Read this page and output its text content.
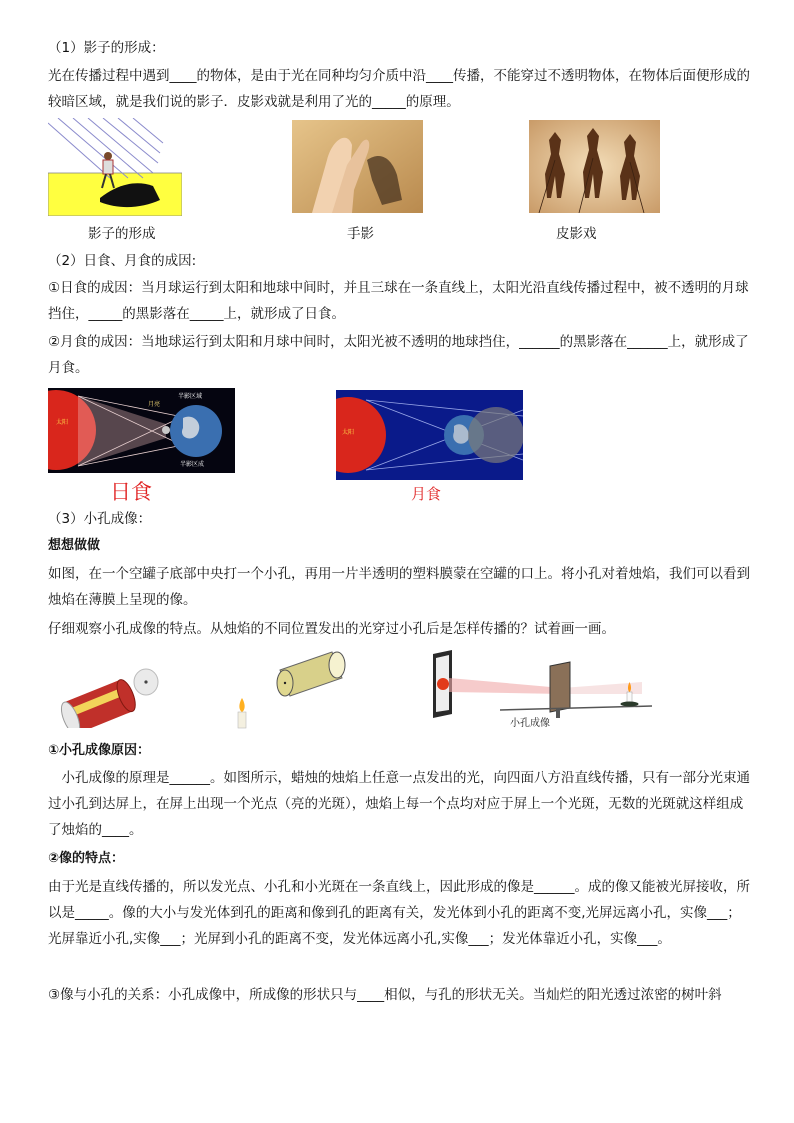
（1）影子的形成：

光在传播过程中遇到____的物体，是由于光在同种均匀介质中沿____传播，不能穿过不透明物体，在物体后面便形成的较暗区域，就是我们说的影子．皮影戏就是利用了光的_____的原理。

影子的形成	手影	皮影戏

（2）日食、月食的成因:

①日食的成因：当月球运行到太阳和地球中间时，并且三球在一条直线上，太阳光沿直线传播过程中，被不透明的月球挡住，_____的黑影落在_____上，就形成了日食。

②月食的成因：当地球运行到太阳和月球中间时，太阳光被不透明的地球挡住，______的黑影落在______上，就形成了月食。

太阳
月亮
半影区域
半影区成
太阳
日食	月食

（3）小孔成像：

想想做做

如图，在一个空罐子底部中央打一个小孔，再用一片半透明的塑料膜蒙在空罐的口上。将小孔对着烛焰，我们可以看到烛焰在薄膜上呈现的像。

仔细观察小孔成像的特点。从烛焰的不同位置发出的光穿过小孔后是怎样传播的？试着画一画。

小孔成像

①小孔成像原因：

　小孔成像的原理是______。如图所示，蜡烛的烛焰上任意一点发出的光，向四面八方沿直线传播，只有一部分光束通过小孔到达屏上，在屏上出现一个光点（亮的光斑），烛焰上每一个点均对应于屏上一个光斑，无数的光斑就这样组成了烛焰的____。

②像的特点：

由于光是直线传播的，所以发光点、小孔和小光斑在一条直线上，因此形成的像是______。成的像又能被光屏接收，所以是_____。像的大小与发光体到孔的距离和像到孔的距离有关，发光体到小孔的距离不变,光屏远离小孔，实像___；光屏靠近小孔,实像___；光屏到小孔的距离不变，发光体远离小孔,实像___；发光体靠近小孔，实像___。

③像与小孔的关系：小孔成像中，所成像的形状只与____相似，与孔的形状无关。当灿烂的阳光透过浓密的树叶斜
